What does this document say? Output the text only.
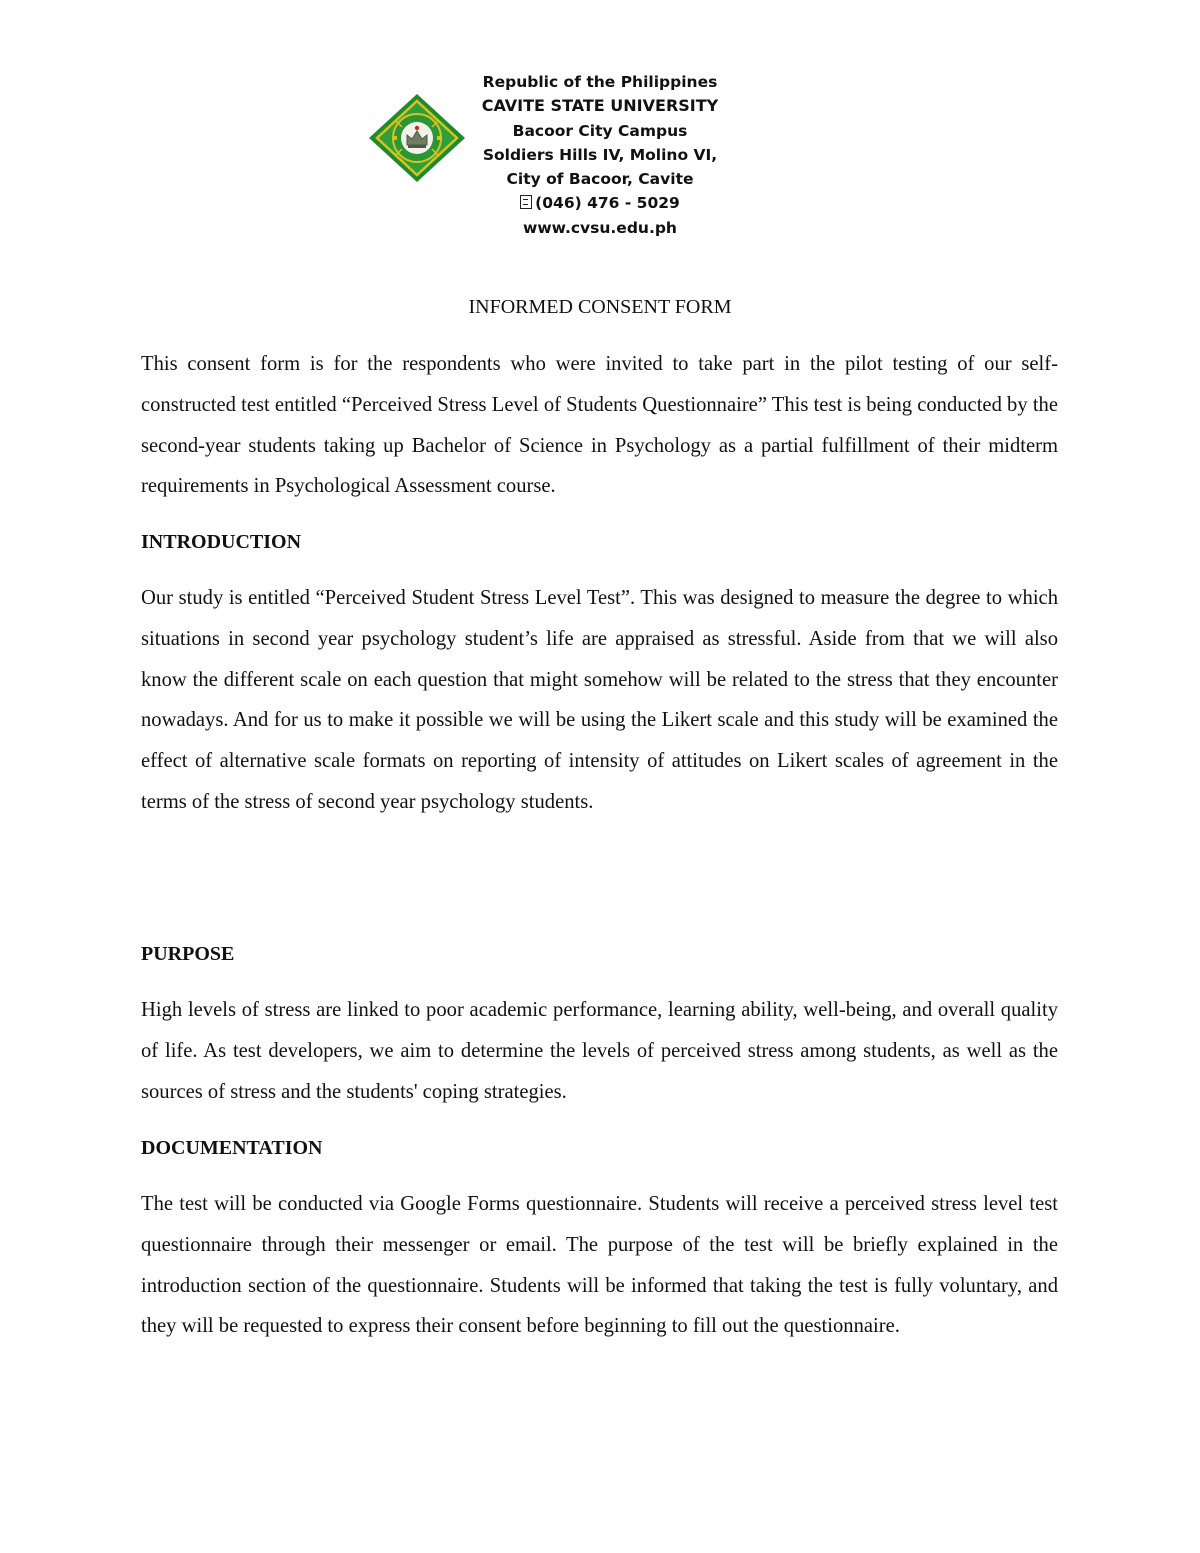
Republic of the Philippines
CAVITE STATE UNIVERSITY
Bacoor City Campus
Soldiers Hills IV, Molino VI,
City of Bacoor, Cavite
(046) 476 - 5029
www.cvsu.edu.ph
INFORMED CONSENT FORM

This consent form is for the respondents who were invited to take part in the pilot testing of our self-constructed test entitled “Perceived Stress Level of Students Questionnaire” This test is being conducted by the second-year students taking up Bachelor of Science in Psychology as a partial fulfillment of their midterm requirements in Psychological Assessment course.

INTRODUCTION

Our study is entitled “Perceived Student Stress Level Test”. This was designed to measure the degree to which situations in second year psychology student’s life are appraised as stressful. Aside from that we will also know the different scale on each question that might somehow will be related to the stress that they encounter nowadays. And for us to make it possible we will be using the Likert scale and this study will be examined the effect of alternative scale formats on reporting of intensity of attitudes on Likert scales of agreement in the terms of the stress of second year psychology students.

PURPOSE

High levels of stress are linked to poor academic performance, learning ability, well-being, and overall quality of life. As test developers, we aim to determine the levels of perceived stress among students, as well as the sources of stress and the students' coping strategies.

DOCUMENTATION

The test will be conducted via Google Forms questionnaire. Students will receive a perceived stress level test questionnaire through their messenger or email. The purpose of the test will be briefly explained in the introduction section of the questionnaire. Students will be informed that taking the test is fully voluntary, and they will be requested to express their consent before beginning to fill out the questionnaire.
